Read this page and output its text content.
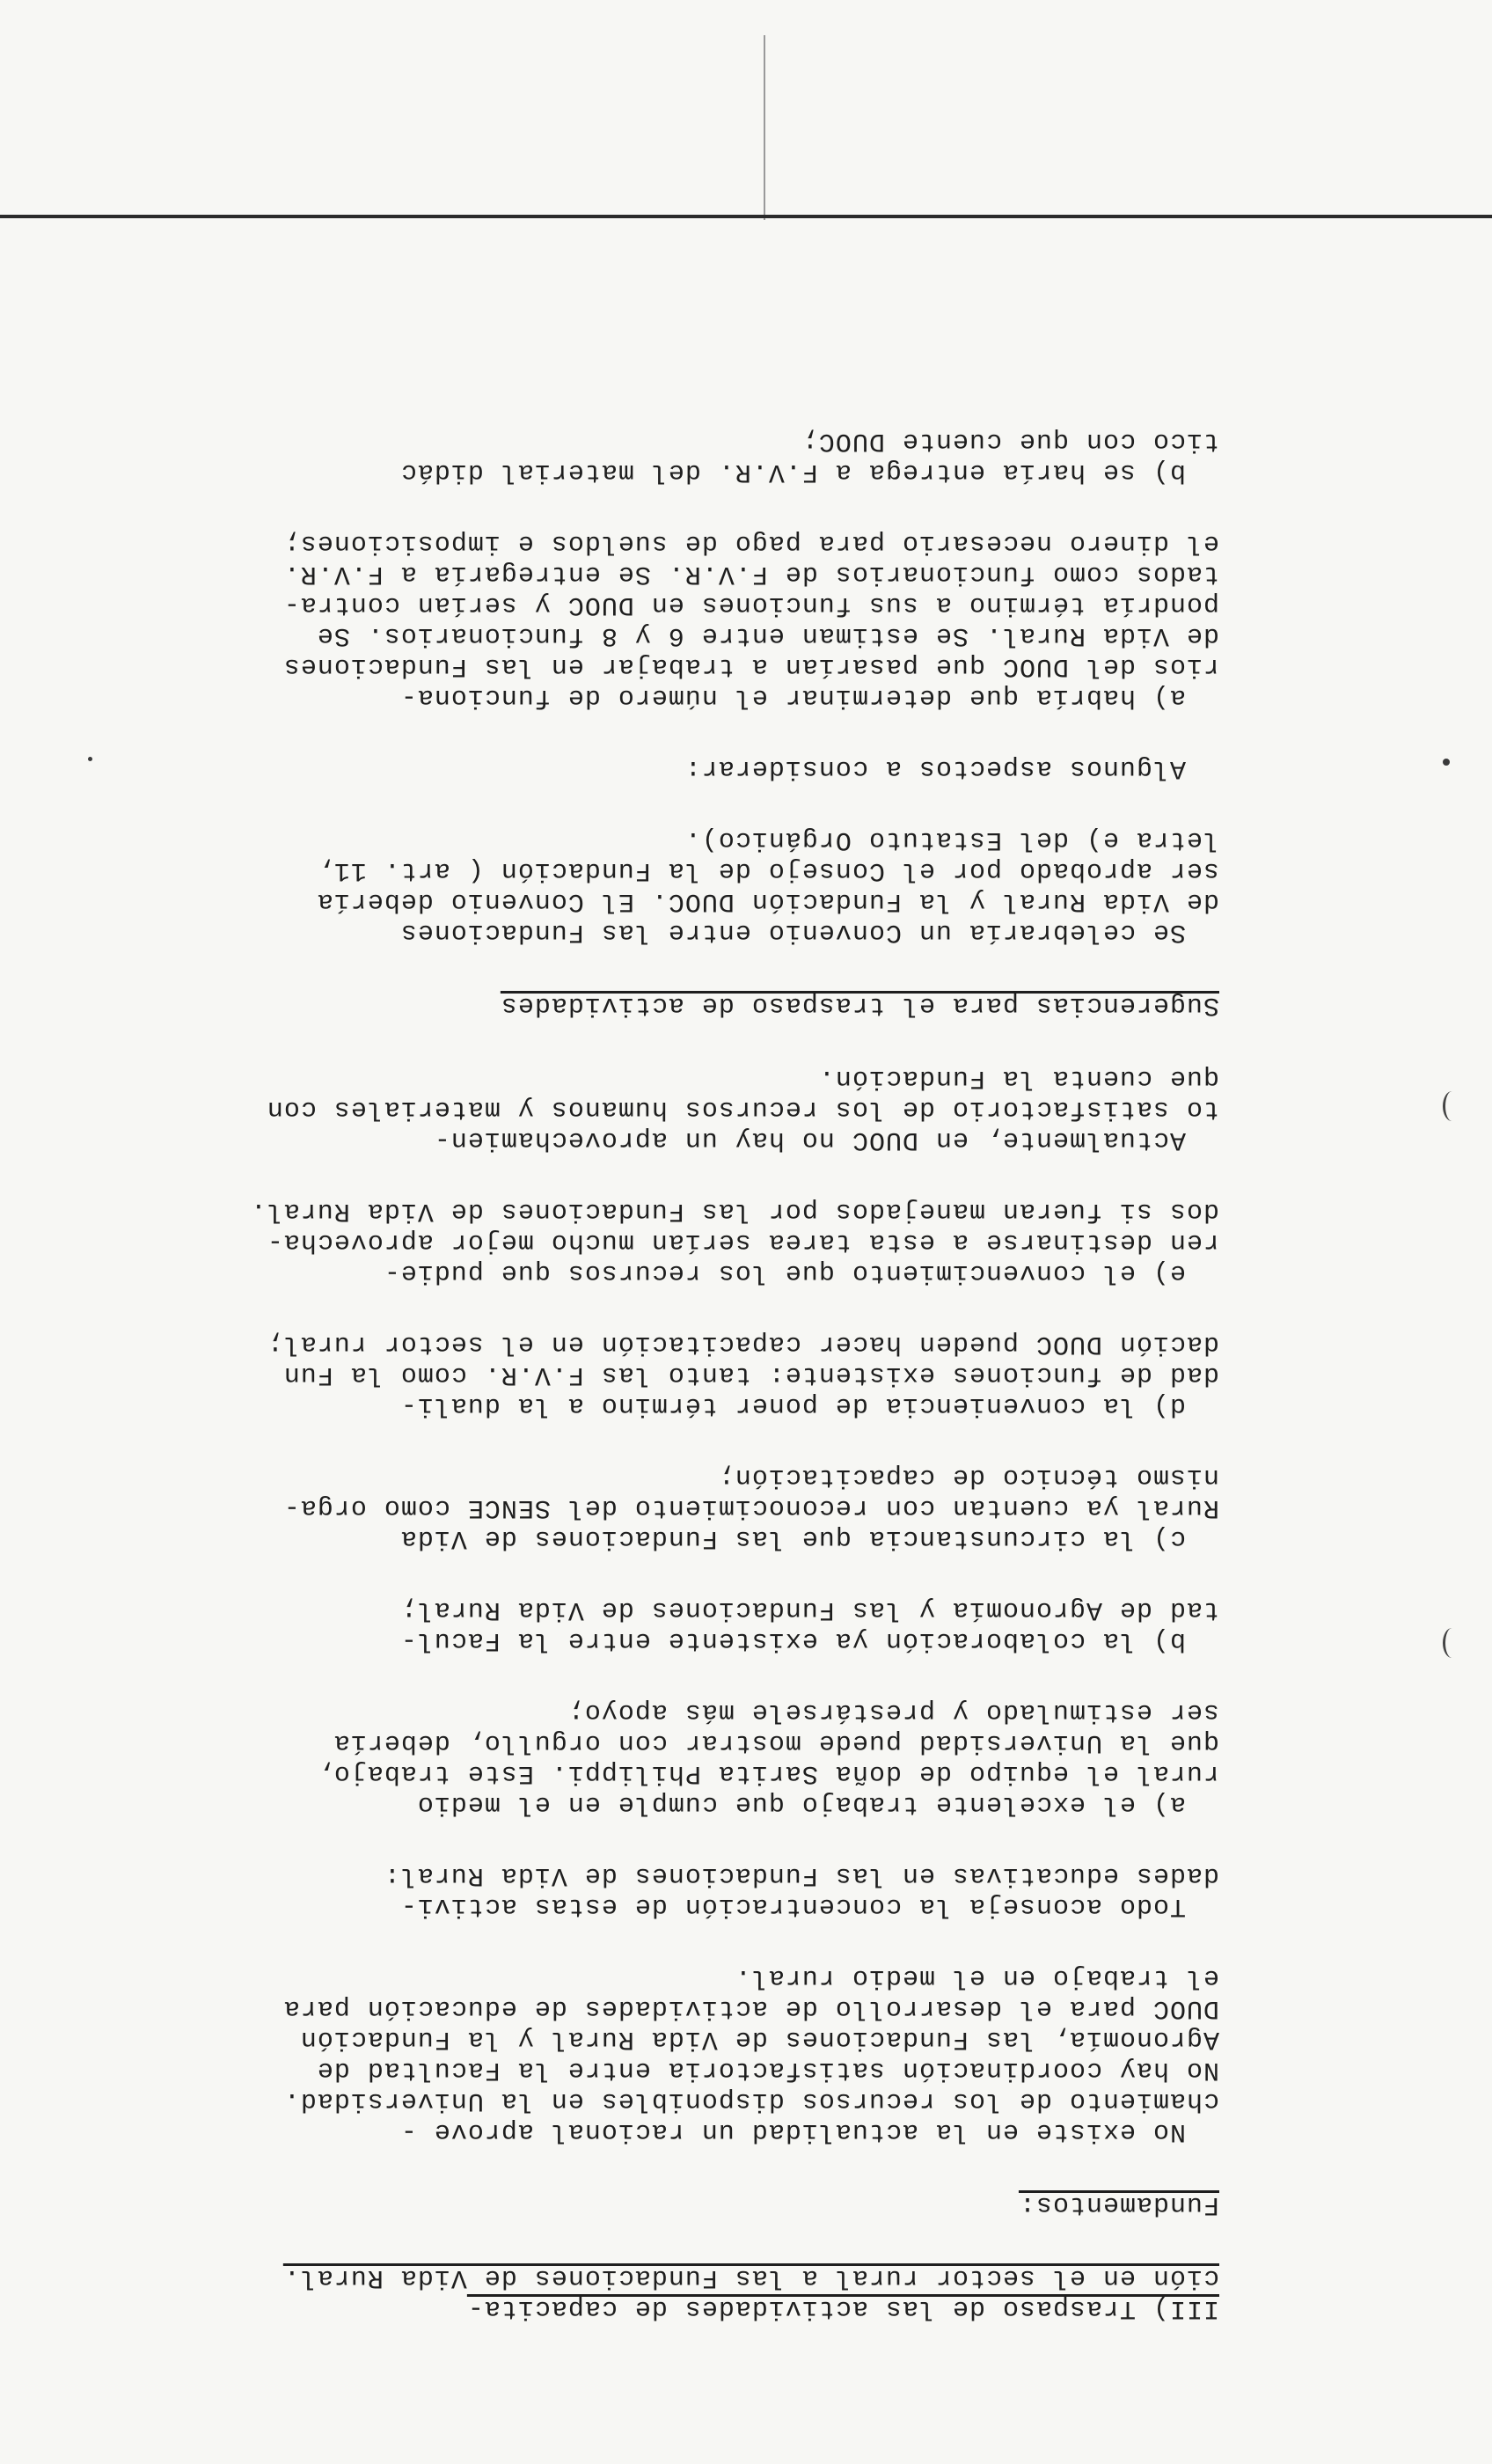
III) Traspaso de las actividades de capacita-
ción en el sector rural a las Fundaciones de Vida Rural.

Fundamentos:

No existe en la actualidad un racional aprove -
chamiento de los recursos disponibles en la Universidad.
No hay coordinación satisfactoria entre la Facultad de
Agronomía, las Fundaciones de Vida Rural y la Fundación
DUOC para el desarrollo de actividades de educación para
el trabajo en el medio rural.

Todo aconseja la concentración de estas activi-
dades educativas en las Fundaciones de Vida Rural:

a) el excelente trabajo que cumple en el medio
rural el equipo de doña Sarita Philippi. Este trabajo,
que la Universidad puede mostrar con orgullo, debería
ser estimulado y prestársele más apoyo;

b) la colaboración ya existente entre la Facul-
tad de Agronomía y las Fundaciones de Vida Rural;

c) la circunstancia que las Fundaciones de Vida
Rural ya cuentan con reconocimiento del SENCE como orga-
nismo técnico de capacitación;

d) la conveniencia de poner término a la duali-
dad de funciones existente: tanto las F.V.R. como la Fun
dación DUOC pueden hacer capacitación en el sector rural;

e) el convencimiento que los recursos que pudie-
ren destinarse a esta tarea serían mucho mejor aprovecha-
dos si fueran manejados por las Fundaciones de Vida Rural.

Actualmente, en DUOC no hay un aprovechamien-
to satisfactorio de los recursos humanos y materiales con
que cuenta la Fundación.

Sugerencias para el traspaso de actividades

Se celebraría un Convenio entre las Fundaciones
de Vida Rural y la Fundación DUOC. El Convenio debería
ser aprobado por el Consejo de la Fundación ( art. 11,
letra e) del Estatuto Orgánico).

Algunos aspectos a considerar:

a) habría que determinar el número de funciona-
rios del DUOC que pasarían a trabajar en las Fundaciones
de Vida Rural. Se estiman entre 6 y 8 funcionarios. Se
pondría término a sus funciones en DUOC y serían contra-
tados como funcionarios de F.V.R. Se entregaría a F.V.R.
el dinero necesario para pago de sueldos e imposiciones;

b) se haría entrega a F.V.R. del material didác
tico con que cuente DUOC;
